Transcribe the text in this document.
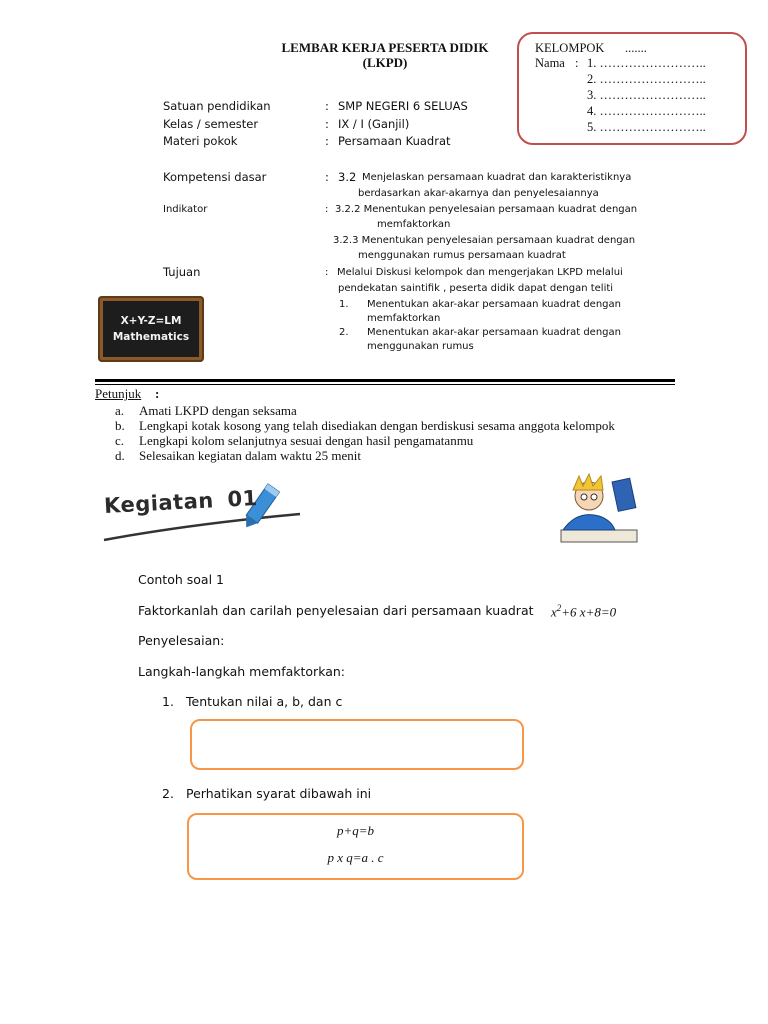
LEMBAR KERJA PESERTA DIDIK
(LKPD)
KELOMPOK .......
Nama : 1. ……………………..
2. ……………………..
3. ……………………..
4. ……………………..
5. ……………………..
Satuan pendidikan	: SMP NEGERI 6 SELUAS
Kelas / semester	: IX / I (Ganjil)
Materi pokok	: Persamaan Kuadrat
Kompetensi dasar	: 3.2 Menjelaskan persamaan kuadrat dan karakteristiknya
berdasarkan akar-akarnya dan penyelesaiannya
Indikator	: 3.2.2 Menentukan penyelesaian persamaan kuadrat dengan
memfaktorkan
3.2.3 Menentukan penyelesaian persamaan kuadrat dengan
menggunakan rumus persamaan kuadrat
Tujuan	: Melalui Diskusi kelompok dan mengerjakan LKPD melalui
pendekatan saintifik , peserta didik dapat dengan teliti
1. Menentukan akar-akar persamaan kuadrat dengan
memfaktorkan
2. Menentukan akar-akar persamaan kuadrat dengan
menggunakan rumus
X+Y-Z=LM
Mathematics
Petunjuk :
a. Amati LKPD dengan seksama
b. Lengkapi kotak kosong yang telah disediakan dengan berdiskusi sesama anggota kelompok
c. Lengkapi kolom selanjutnya sesuai dengan hasil pengamatanmu
d. Selesaikan kegiatan dalam waktu 25 menit
Kegiatan 01
Contoh soal 1
Faktorkanlah dan carilah penyelesaian dari persamaan kuadrat $x^2+6$ x+8=0
Penyelesaian:
Langkah-langkah memfaktorkan:
1. Tentukan nilai a, b, dan c
2. Perhatikan syarat dibawah ini
p+q=b
p x q=a . c
